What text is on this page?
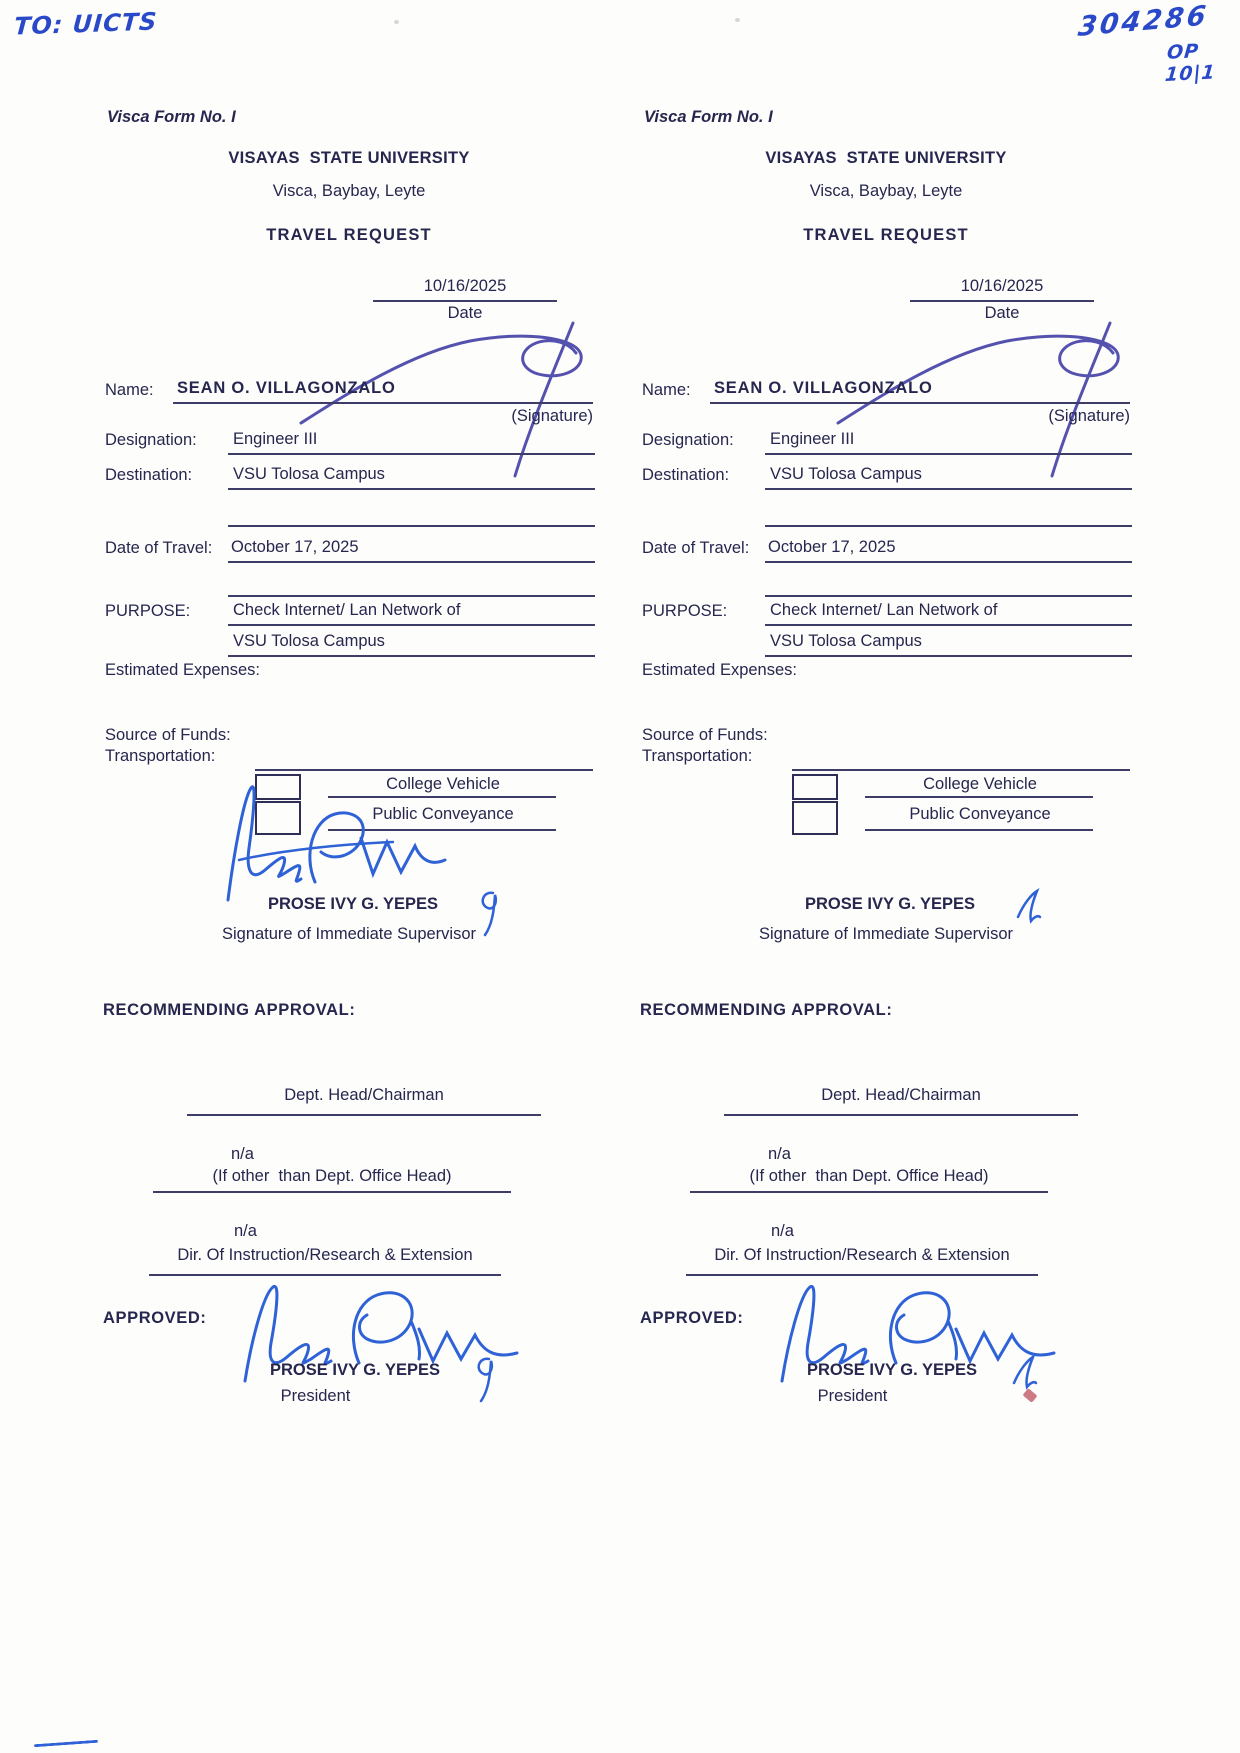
TO: UICTS	304286
OP 10|1
Visca Form No. I
VISAYAS  STATE UNIVERSITY
Visca, Baybay, Leyte
TRAVEL REQUEST
10/16/2025
Date
Name: SEAN O. VILLAGONZALO
(Signature)
Designation: Engineer III
Destination: VSU Tolosa Campus
Date of Travel: October 17, 2025
PURPOSE:	Check Internet/ Lan Network of
VSU Tolosa Campus
Estimated Expenses:
Source of Funds:
Transportation:
College Vehicle
Public Conveyance
PROSE IVY G. YEPES
Signature of Immediate Supervisor
RECOMMENDING APPROVAL:
Dept. Head/Chairman
n/a
(If other  than Dept. Office Head)
n/a
Dir. Of Instruction/Research & Extension
APPROVED:
PROSE IVY G. YEPES
President
Visca Form No. I
VISAYAS  STATE UNIVERSITY
Visca, Baybay, Leyte
TRAVEL REQUEST
10/16/2025
Date
Name: SEAN O. VILLAGONZALO
(Signature)
Designation: Engineer III
Destination: VSU Tolosa Campus
Date of Travel: October 17, 2025
PURPOSE:	Check Internet/ Lan Network of
VSU Tolosa Campus
Estimated Expenses:
Source of Funds:
Transportation:
College Vehicle
Public Conveyance
PROSE IVY G. YEPES
Signature of Immediate Supervisor
RECOMMENDING APPROVAL:
Dept. Head/Chairman
n/a
(If other  than Dept. Office Head)
n/a
Dir. Of Instruction/Research & Extension
APPROVED:
PROSE IVY G. YEPES
President
